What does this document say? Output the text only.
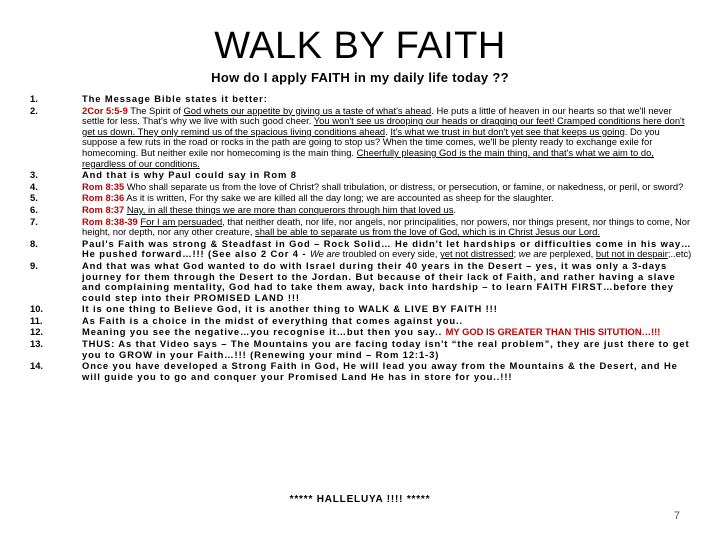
WALK BY FAITH
How do I apply FAITH in my daily life today ??
1.	The Message Bible states it better:
2.	2Cor 5:5-9 The Spirit of God whets our appetite by giving us a taste of what's ahead. He puts a little of heaven in our hearts so that we'll never settle for less. That's why we live with such good cheer. You won't see us drooping our heads or dragging our feet! Cramped conditions here don't get us down. They only remind us of the spacious living conditions ahead. It's what we trust in but don't yet see that keeps us going. Do you suppose a few ruts in the road or rocks in the path are going to stop us? When the time comes, we'll be plenty ready to exchange exile for homecoming. But neither exile nor homecoming is the main thing. Cheerfully pleasing God is the main thing, and that's what we aim to do, regardless of our conditions.
3.	And that is why Paul could say in Rom 8
4.	Rom 8:35 Who shall separate us from the love of Christ? shall tribulation, or distress, or persecution, or famine, or nakedness, or peril, or sword?
5.	Rom 8:36 As it is written, For thy sake we are killed all the day long; we are accounted as sheep for the slaughter.
6.	Rom 8:37 Nay, in all these things we are more than conquerors through him that loved us.
7.	Rom 8:38-39 For I am persuaded, that neither death, nor life, nor angels, nor principalities, nor powers, nor things present, nor things to come, Nor height, nor depth, nor any other creature, shall be able to separate us from the love of God, which is in Christ Jesus our Lord.
8.	Paul's Faith was strong & Steadfast in God – Rock Solid… He didn't let hardships or difficulties come in his way… He pushed forward…!!! (See also 2 Cor 4 - We are troubled on every side, yet not distressed; we are perplexed, but not in despair;..etc)
9.	And that was what God wanted to do with Israel during their 40 years in the Desert – yes, it was only a 3-days journey for them through the Desert to the Jordan. But because of their lack of Faith, and rather having a slave and complaining mentality, God had to take them away, back into hardship – to learn FAITH FIRST…before they could step into their PROMISED LAND !!!
10.	It is one thing to Believe God, it is another thing to WALK & LIVE BY FAITH !!!
11.	As Faith is a choice in the midst of everything that comes against you..
12.	Meaning you see the negative…you recognise it…but then you say.. MY GOD IS GREATER THAN THIS SITUTION…!!!
13.	THUS: As that Video says – The Mountains you are facing today isn't “the real problem”, they are just there to get you to GROW in your Faith…!!! (Renewing your mind – Rom 12:1-3)
14.	Once you have developed a Strong Faith in God, He will lead you away from the Mountains & the Desert, and He will guide you to go and conquer your Promised Land He has in store for you..!!!
***** HALLELUYA !!!! *****
7
